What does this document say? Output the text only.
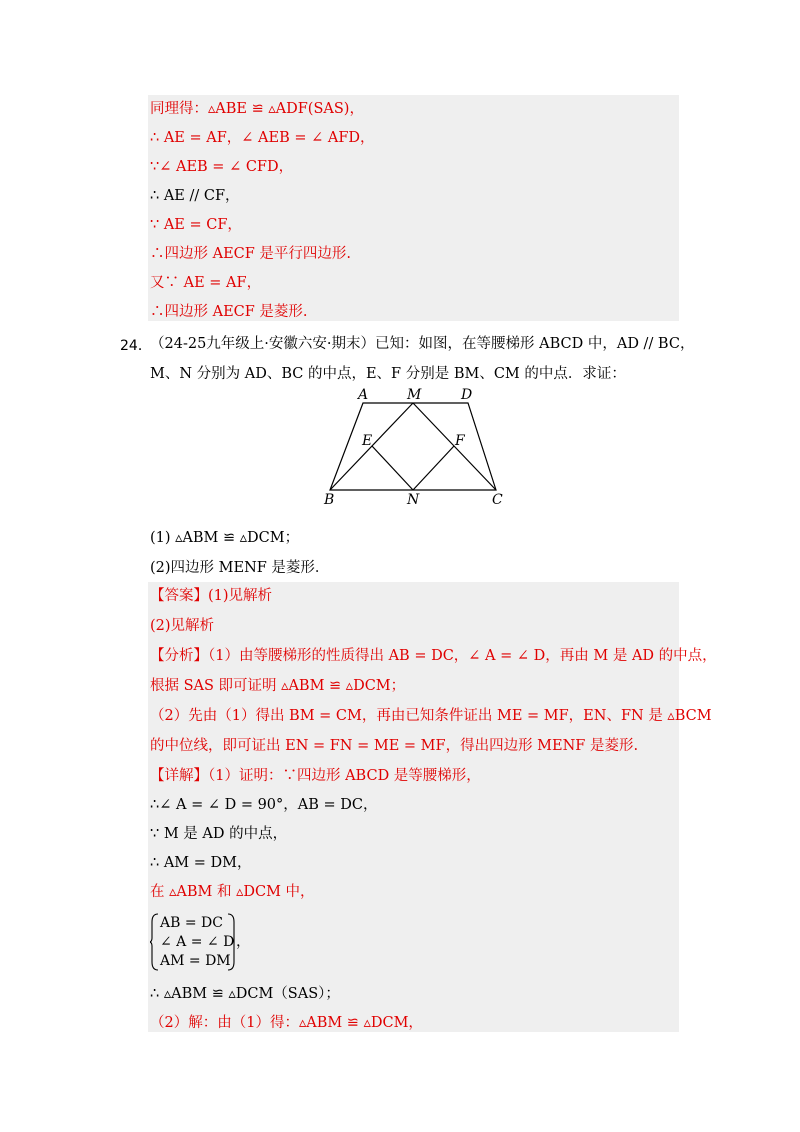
同理得：▵ABE ≌ ▵ADF(SAS)，
∴ AE = AF，∠ AEB = ∠ AFD，
∵∠ AEB = ∠ CFD，
∴ AE // CF，
∵ AE = CF，
∴四边形 AECF 是平行四边形.
又∵ AE = AF，
∴四边形 AECF 是菱形.
24．
（24-25九年级上·安徽六安·期末）已知：如图，在等腰梯形 ABCD 中，AD // BC，
M、N 分别为 AD、BC 的中点，E、F 分别是 BM、CM 的中点．求证：
A	M	D
E	F
B	N	C
(1) ▵ABM ≌ ▵DCM；
(2)四边形 MENF 是菱形．
【答案】(1)见解析
(2)见解析
【分析】（1）由等腰梯形的性质得出 AB = DC，∠ A = ∠ D，再由 M 是 AD 的中点，
根据 SAS 即可证明 ▵ABM ≌ ▵DCM；
（2）先由（1）得出 BM = CM，再由已知条件证出 ME = MF，EN、FN 是 ▵BCM
的中位线，即可证出 EN = FN = ME = MF，得出四边形 MENF 是菱形.
【详解】（1）证明：∵四边形 ABCD 是等腰梯形，
∴∠ A = ∠ D = 90°，AB = DC，
∵ M 是 AD 的中点，
∴ AM = DM，
在 ▵ABM 和 ▵DCM 中，
AB = DC
∠ A = ∠ D
AM = DM
，
∴ ▵ABM ≌ ▵DCM（SAS）；
（2）解：由（1）得：▵ABM ≌ ▵DCM，
